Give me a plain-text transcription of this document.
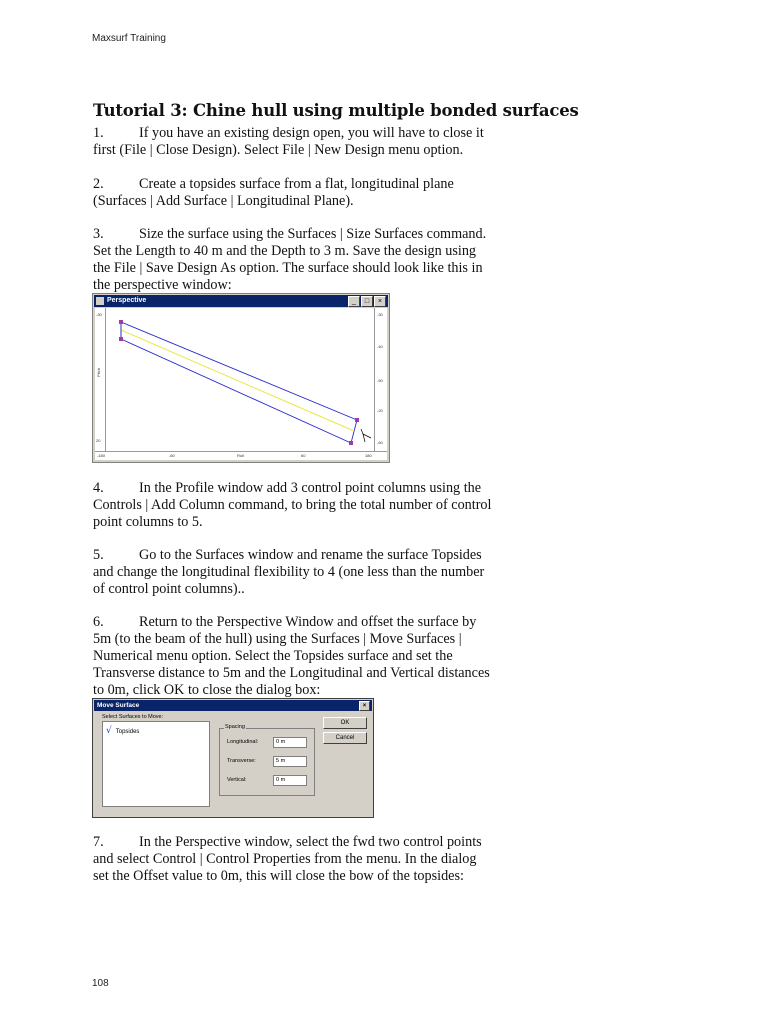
Maxsurf Training
Tutorial 3: Chine hull using multiple bonded surfaces

1. If you have an existing design open, you will have to close it
first (File | Close Design). Select File | New Design menu option.

2. Create a topsides surface from a flat, longitudinal plane
(Surfaces | Add Surface | Longitudinal Plane).

3. Size the surface using the Surfaces | Size Surfaces command.
Set the Length to 40 m and the Depth to 3 m. Save the design using
the File | Save Design As option. The surface should look like this in
the perspective window:

Perspective	_ □ ×
-30
Pitch
20
-30
-40
-50
-20
-60
-180	-60	Roll	60	180

4. In the Profile window add 3 control point columns using the
Controls | Add Column command, to bring the total number of control
point columns to 5.

5. Go to the Surfaces window and rename the surface Topsides
and change the longitudinal flexibility to 4 (one less than the number
of control point columns)..

6. Return to the Perspective Window and offset the surface by
5m (to the beam of the hull) using the Surfaces | Move Surfaces |
Numerical menu option. Select the Topsides surface and set the
Transverse distance to 5m and the Longitudinal and Vertical distances
to 0m, click OK to close the dialog box:

Move Surface	×
Select Surfaces to Move:
√ Topsides
Spacing
Longitudinal:	0 m
Transverse:	5 m
Vertical:	0 m
OK
Cancel

7. In the Perspective window, select the fwd two control points
and select Control | Control Properties from the menu. In the dialog
set the Offset value to 0m, this will close the bow of the topsides:

108
